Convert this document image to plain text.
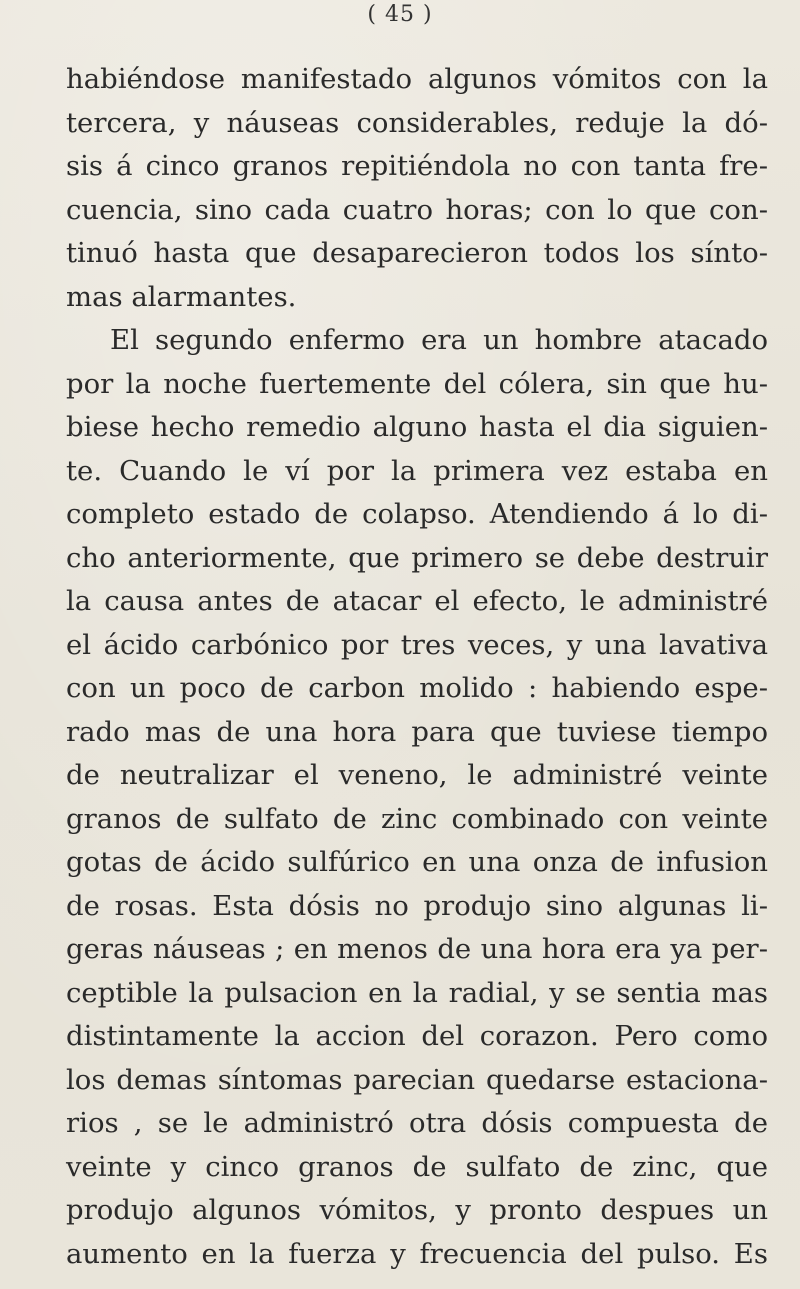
( 45 )
habiéndose manifestado algunos vómitos con la
tercera, y náuseas considerables, reduje la dó-
sis á cinco granos repitiéndola no con tanta fre-
cuencia, sino cada cuatro horas; con lo que con-
tinuó hasta que desaparecieron todos los sínto-
mas alarmantes.
El segundo enfermo era un hombre atacado
por la noche fuertemente del cólera, sin que hu-
biese hecho remedio alguno hasta el dia siguien-
te. Cuando le ví por la primera vez estaba en
completo estado de colapso. Atendiendo á lo di-
cho anteriormente, que primero se debe destruir
la causa antes de atacar el efecto, le administré
el ácido carbónico por tres veces, y una lavativa
con un poco de carbon molido : habiendo espe-
rado mas de una hora para que tuviese tiempo
de neutralizar el veneno, le administré veinte
granos de sulfato de zinc combinado con veinte
gotas de ácido sulfúrico en una onza de infusion
de rosas. Esta dósis no produjo sino algunas li-
geras náuseas ; en menos de una hora era ya per-
ceptible la pulsacion en la radial, y se sentia mas
distintamente la accion del corazon. Pero como
los demas síntomas parecian quedarse estaciona-
rios , se le administró otra dósis compuesta de
veinte y cinco granos de sulfato de zinc, que
produjo algunos vómitos, y pronto despues un
aumento en la fuerza y frecuencia del pulso. Es
